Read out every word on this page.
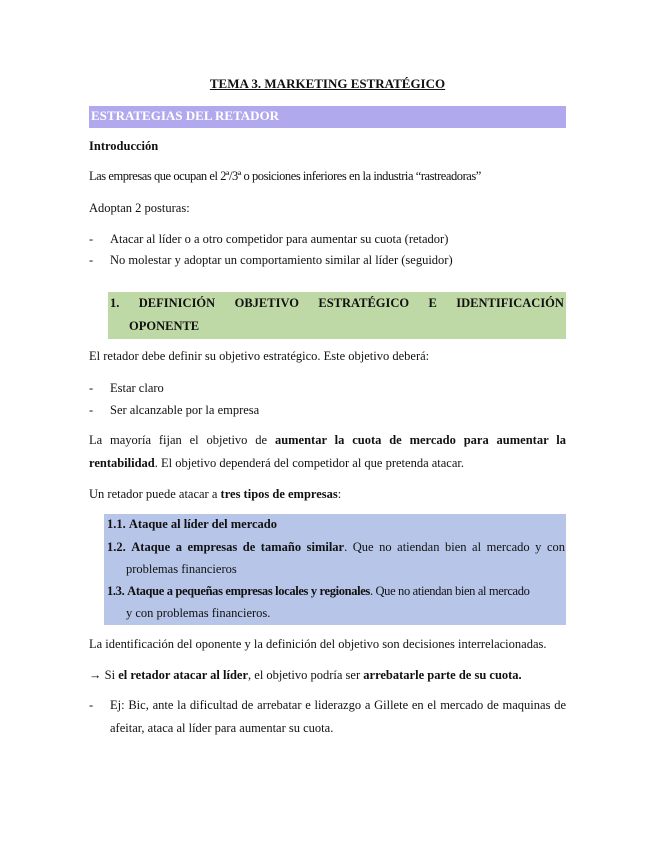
TEMA 3. MARKETING ESTRATÉGICO
ESTRATEGIAS DEL RETADOR
Introducción
Las empresas que ocupan el 2ª/3ª o posiciones inferiores en la industria “rastreadoras”
Adoptan 2 posturas:
- Atacar al líder o a otro competidor para aumentar su cuota (retador)
- No molestar y adoptar un comportamiento similar al líder (seguidor)
1. DEFINICIÓN OBJETIVO ESTRATÉGICO E IDENTIFICACIÓN
OPONENTE
El retador debe definir su objetivo estratégico. Este objetivo deberá:
- Estar claro
- Ser alcanzable por la empresa
La mayoría fijan el objetivo de aumentar la cuota de mercado para aumentar la
rentabilidad. El objetivo dependerá del competidor al que pretenda atacar.
Un retador puede atacar a tres tipos de empresas:
1.1. Ataque al líder del mercado
1.2. Ataque a empresas de tamaño similar. Que no atiendan bien al mercado y con
problemas financieros
1.3. Ataque a pequeñas empresas locales y regionales. Que no atiendan bien al mercado
y con problemas financieros.
La identificación del oponente y la definición del objetivo son decisiones interrelacionadas.
→ Si el retador atacar al líder, el objetivo podría ser arrebatarle parte de su cuota.
- Ej: Bic, ante la dificultad de arrebatar e liderazgo a Gillete en el mercado de maquinas de
afeitar, ataca al líder para aumentar su cuota.
